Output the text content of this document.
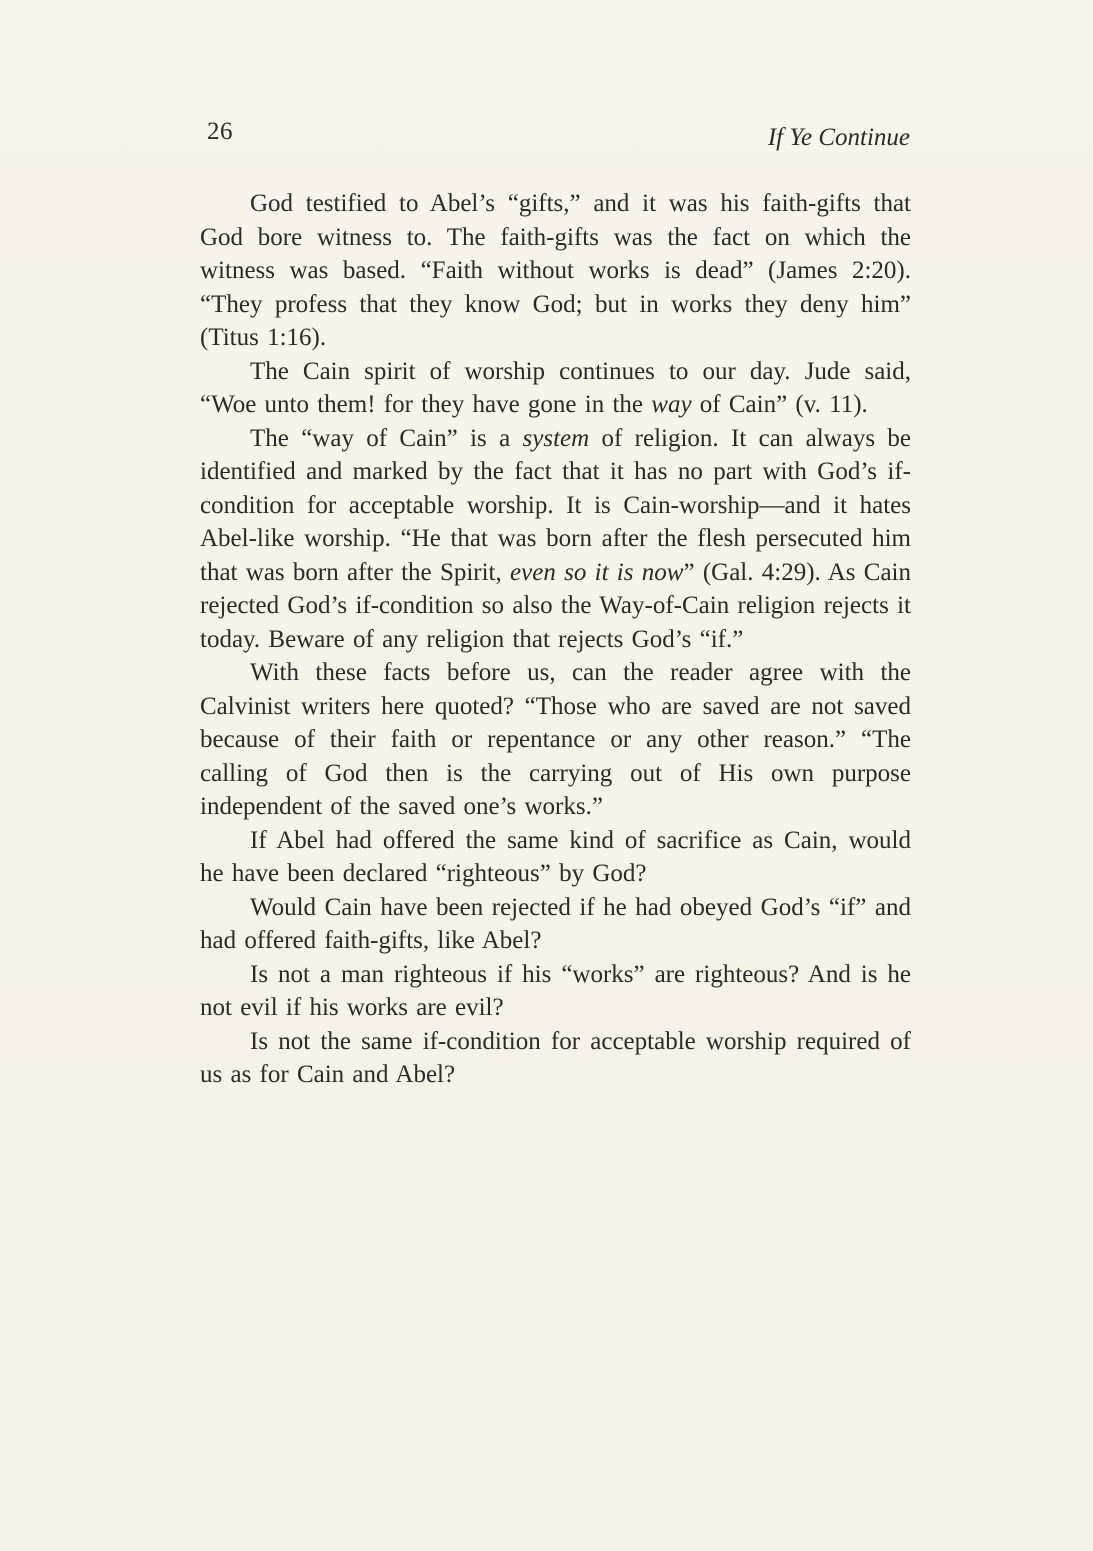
26	If Ye Continue

God testified to Abel’s “gifts,” and it was his faith-gifts that God bore witness to. The faith-gifts was the fact on which the witness was based. “Faith without works is dead” (James 2:20). “They profess that they know God; but in works they deny him” (Titus 1:16).

The Cain spirit of worship continues to our day. Jude said, “Woe unto them! for they have gone in the way of Cain” (v. 11).

The “way of Cain” is a system of religion. It can always be identified and marked by the fact that it has no part with God’s if-condition for acceptable worship. It is Cain-worship—and it hates Abel-like worship. “He that was born after the flesh persecuted him that was born after the Spirit, even so it is now” (Gal. 4:29). As Cain rejected God’s if-condition so also the Way-of-Cain religion rejects it today. Beware of any religion that rejects God’s “if.”

With these facts before us, can the reader agree with the Calvinist writers here quoted? “Those who are saved are not saved because of their faith or repentance or any other reason.” “The calling of God then is the carrying out of His own purpose independent of the saved one’s works.”

If Abel had offered the same kind of sacrifice as Cain, would he have been declared “righteous” by God?

Would Cain have been rejected if he had obeyed God’s “if” and had offered faith-gifts, like Abel?

Is not a man righteous if his “works” are righteous? And is he not evil if his works are evil?

Is not the same if-condition for acceptable worship required of us as for Cain and Abel?
